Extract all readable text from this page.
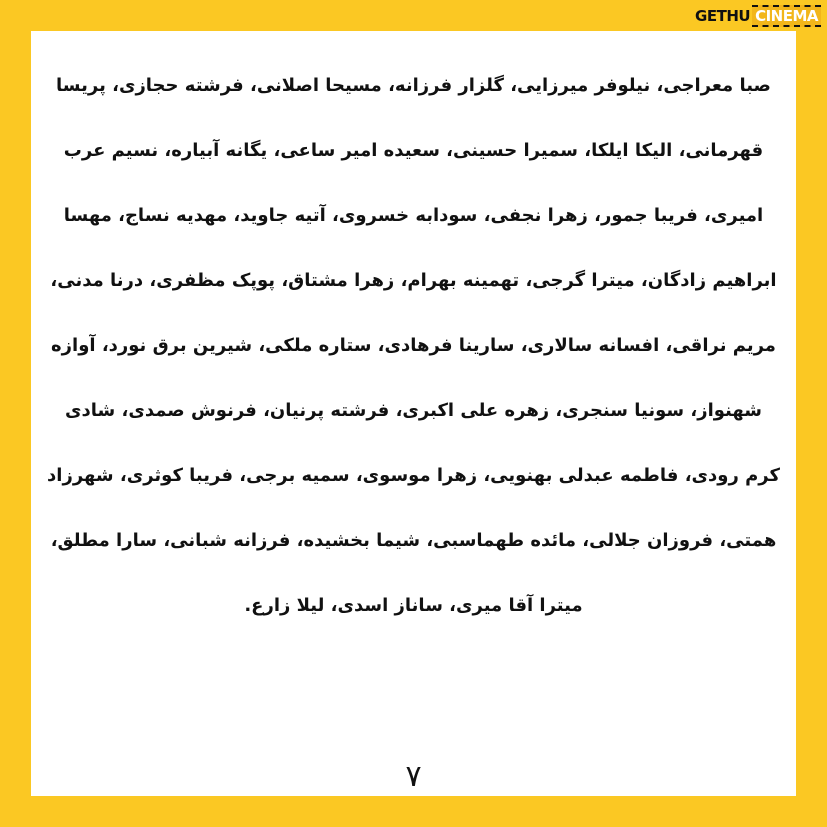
GETHU CINEMA

صبا معراجی، نیلوفر میرزایی، گلزار فرزانه، مسیحا اصلانی، فرشته حجازی، پریسا

قهرمانی، الیکا ایلکا، سمیرا حسینی، سعیده امیر ساعی، یگانه آبیاره، نسیم عرب

امیری، فریبا جمور، زهرا نجفی، سودابه خسروی، آتیه جاوید، مهدیه نساج، مهسا

ابراهیم زادگان، میترا گرجی، تهمینه بهرام، زهرا مشتاق، پوپک مظفری، درنا مدنی،

مریم نراقی، افسانه سالاری، سارینا فرهادی، ستاره ملکی، شیرین برق نورد، آوازه

شهنواز، سونیا سنجری، زهره علی اکبری، فرشته پرنیان، فرنوش صمدی، شادی

کرم رودی، فاطمه عبدلی بهنویی، زهرا موسوی، سمیه برجی، فریبا کوثری، شهرزاد

همتی، فروزان جلالی، مائده طهماسبی، شیما بخشیده، فرزانه شبانی، سارا مطلق،

میترا آقا میری، ساناز اسدی، لیلا زارع.

۷
